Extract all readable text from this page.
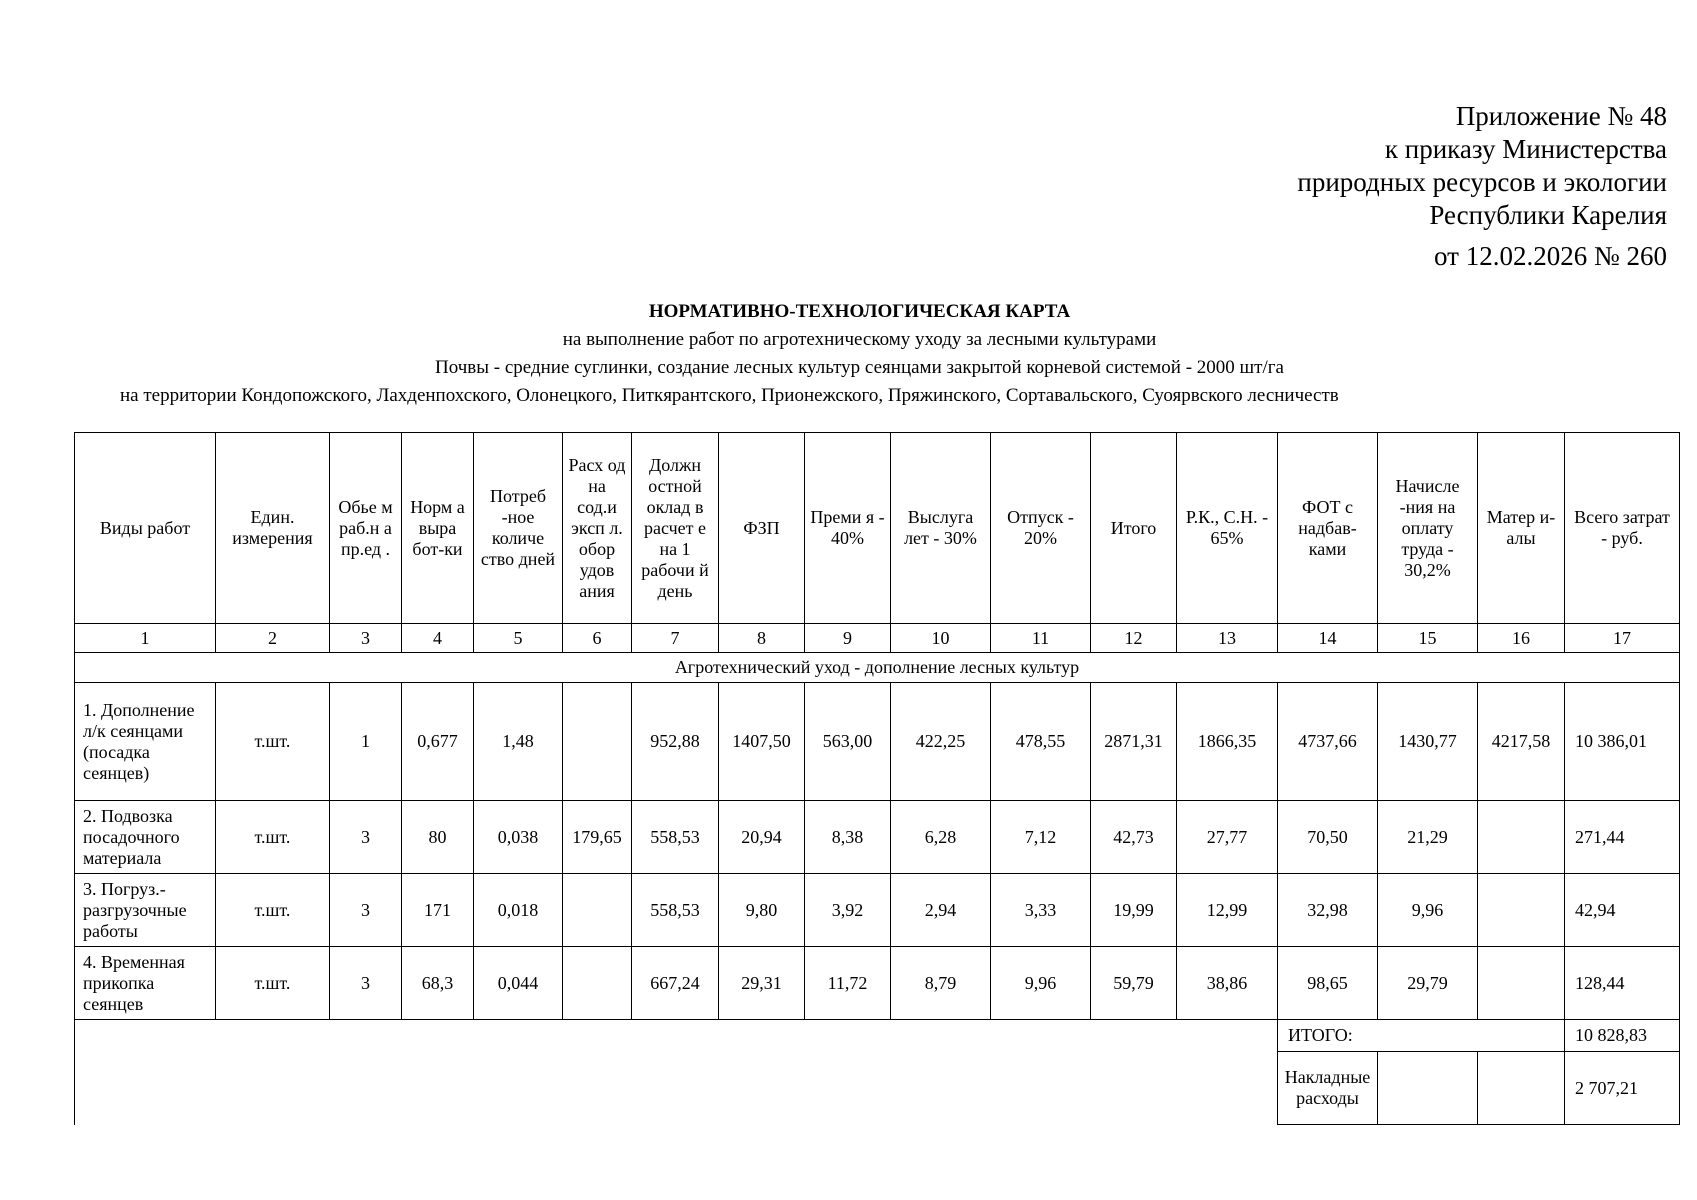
Приложение № 48
к приказу Министерства
природных ресурсов и экологии
Республики Карелия
от 12.02.2026 № 260
НОРМАТИВНО-ТЕХНОЛОГИЧЕСКАЯ КАРТА
на выполнение работ по агротехническому уходу за лесными культурами
Почвы - средние суглинки, создание лесных культур сеянцами закрытой корневой системой - 2000 шт/га
на территории Кондопожского, Лахденпохского, Олонецкого, Питкярантского, Прионежского, Пряжинского, Сортавальского, Суоярвского лесничеств
Виды работ	Един. измерения	Обье м раб.н а пр.ед .	Норм а выра бот-ки	Потреб -ное количе ство дней	Расх од на сод.и эксп л. обор удов ания	Должн остной оклад в расчет е на 1 рабочи й день	ФЗП	Преми я - 40%	Выслуга лет - 30%	Отпуск - 20%	Итого	Р.К., С.Н. - 65%	ФОТ с надбав-ками	Начисле -ния на оплату труда - 30,2%	Матер и-алы	Всего затрат - руб.
1	2	3	4	5	6	7	8	9	10	11	12	13	14	15	16	17
Агротехнический уход - дополнение лесных культур																
1. Дополнение л/к сеянцами (посадка сеянцев)	т.шт.	1	0,677	1,48		952,88	1407,50	563,00	422,25	478,55	2871,31	1866,35	4737,66	1430,77	4217,58	10 386,01
2. Подвозка посадочного материала	т.шт.	3	80	0,038	179,65	558,53	20,94	8,38	6,28	7,12	42,73	27,77	70,50	21,29		271,44
3. Погруз.-разгрузочные работы	т.шт.	3	171	0,018		558,53	9,80	3,92	2,94	3,33	19,99	12,99	32,98	9,96		42,94
4. Временная прикопка сеянцев	т.шт.	3	68,3	0,044		667,24	29,31	11,72	8,79	9,96	59,79	38,86	98,65	29,79		128,44
													ИТОГО:			10 828,83
													Накладные расходы			2 707,21
